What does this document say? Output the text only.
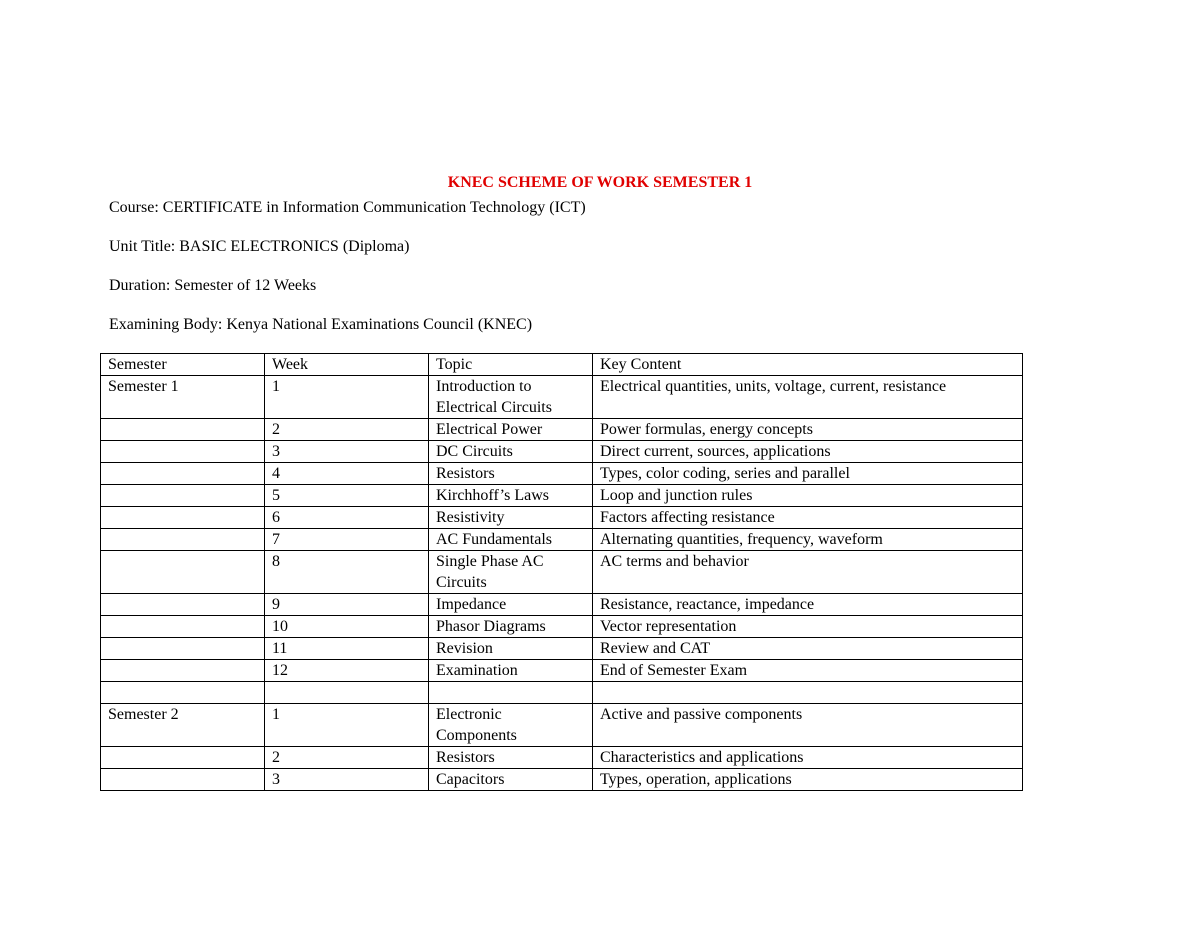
KNEC SCHEME OF WORK SEMESTER 1
Course: CERTIFICATE in Information Communication Technology (ICT)
Unit Title: BASIC ELECTRONICS (Diploma)
Duration: Semester of 12 Weeks
Examining Body: Kenya National Examinations Council (KNEC)
Semester	Week	Topic	Key Content
Semester 1	1	Introduction to Electrical Circuits	Electrical quantities, units, voltage, current, resistance
	2	Electrical Power	Power formulas, energy concepts
	3	DC Circuits	Direct current, sources, applications
	4	Resistors	Types, color coding, series and parallel
	5	Kirchhoff’s Laws	Loop and junction rules
	6	Resistivity	Factors affecting resistance
	7	AC Fundamentals	Alternating quantities, frequency, waveform
	8	Single Phase AC Circuits	AC terms and behavior
	9	Impedance	Resistance, reactance, impedance
	10	Phasor Diagrams	Vector representation
	11	Revision	Review and CAT
	12	Examination	End of Semester Exam

Semester 2	1	Electronic Components	Active and passive components
	2	Resistors	Characteristics and applications
	3	Capacitors	Types, operation, applications
